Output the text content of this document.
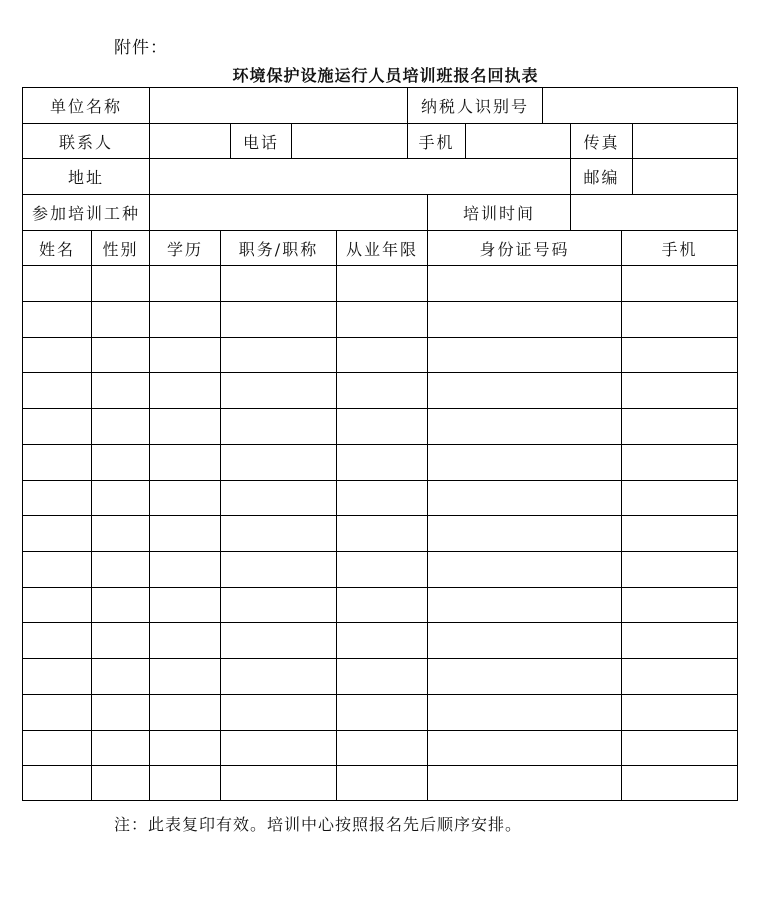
附件：
环境保护设施运行人员培训班报名回执表
单位名称	纳税人识别号
联系人	电话	手机	传真
地址	邮编
参加培训工种	培训时间
姓名	性别	学历	职务/职称	从业年限	身份证号码	手机
注：此表复印有效。培训中心按照报名先后顺序安排。
